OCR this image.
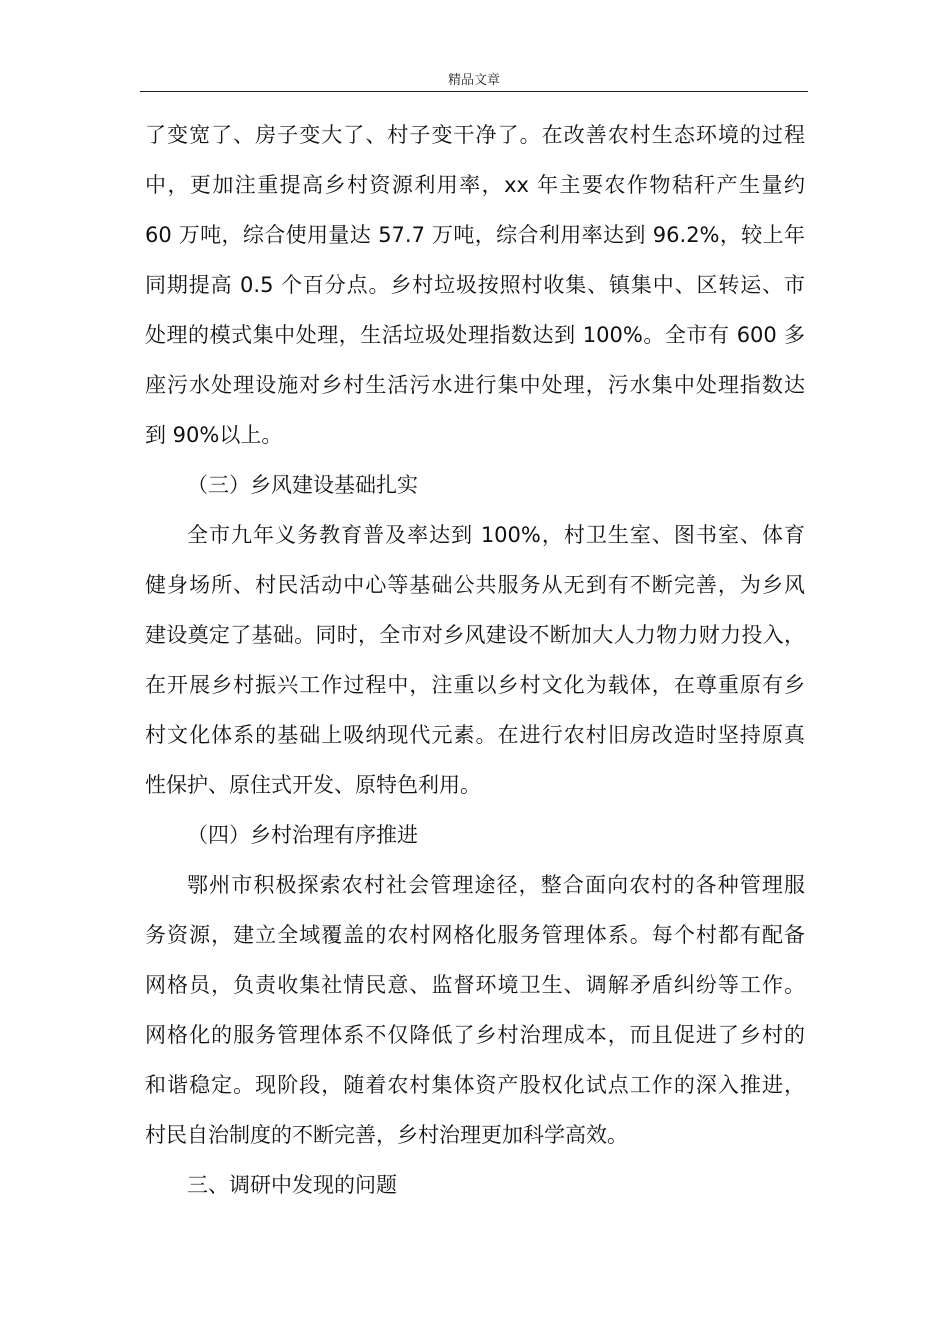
精品文章
了变宽了、房子变大了、村子变干净了。在改善农村生态环境的过程
中，更加注重提高乡村资源利用率，xx 年主要农作物秸秆产生量约
60 万吨，综合使用量达 57.7 万吨，综合利用率达到 96.2%，较上年
同期提高 0.5 个百分点。乡村垃圾按照村收集、镇集中、区转运、市
处理的模式集中处理，生活垃圾处理指数达到 100%。全市有 600 多
座污水处理设施对乡村生活污水进行集中处理，污水集中处理指数达
到 90%以上。
（三）乡风建设基础扎实
全市九年义务教育普及率达到 100%，村卫生室、图书室、体育
健身场所、村民活动中心等基础公共服务从无到有不断完善，为乡风
建设奠定了基础。同时，全市对乡风建设不断加大人力物力财力投入，
在开展乡村振兴工作过程中，注重以乡村文化为载体，在尊重原有乡
村文化体系的基础上吸纳现代元素。在进行农村旧房改造时坚持原真
性保护、原住式开发、原特色利用。
（四）乡村治理有序推进
鄂州市积极探索农村社会管理途径，整合面向农村的各种管理服
务资源，建立全域覆盖的农村网格化服务管理体系。每个村都有配备
网格员，负责收集社情民意、监督环境卫生、调解矛盾纠纷等工作。
网格化的服务管理体系不仅降低了乡村治理成本，而且促进了乡村的
和谐稳定。现阶段，随着农村集体资产股权化试点工作的深入推进，
村民自治制度的不断完善，乡村治理更加科学高效。
三、调研中发现的问题
